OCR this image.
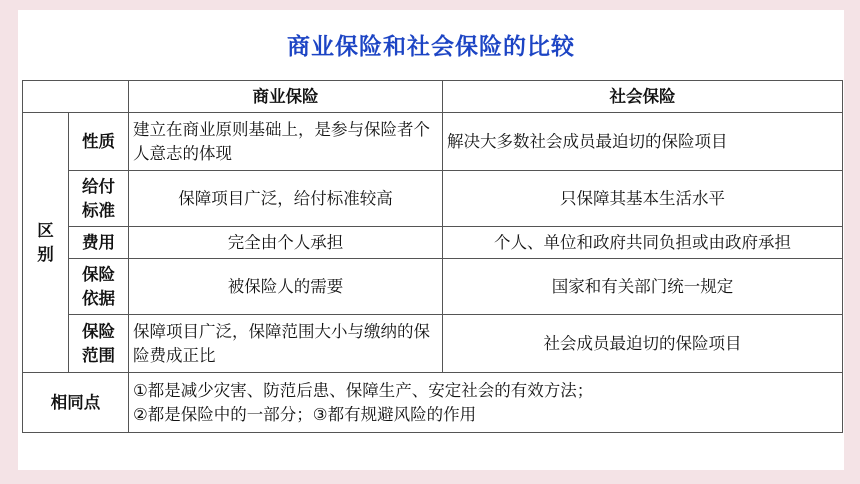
商业保险和社会保险的比较
		商业保险	社会保险
区别	性质	建立在商业原则基础上，是参与保险者个人意志的体现	解决大多数社会成员最迫切的保险项目
	给付标准	保障项目广泛，给付标准较高	只保障其基本生活水平
	费用	完全由个人承担	个人、单位和政府共同负担或由政府承担
	保险依据	被保险人的需要	国家和有关部门统一规定
	保险范围	保障项目广泛，保障范围大小与缴纳的保险费成正比	社会成员最迫切的保险项目
相同点		①都是减少灾害、防范后患、保障生产、安定社会的有效方法；
②都是保险中的一部分；③都有规避风险的作用	
